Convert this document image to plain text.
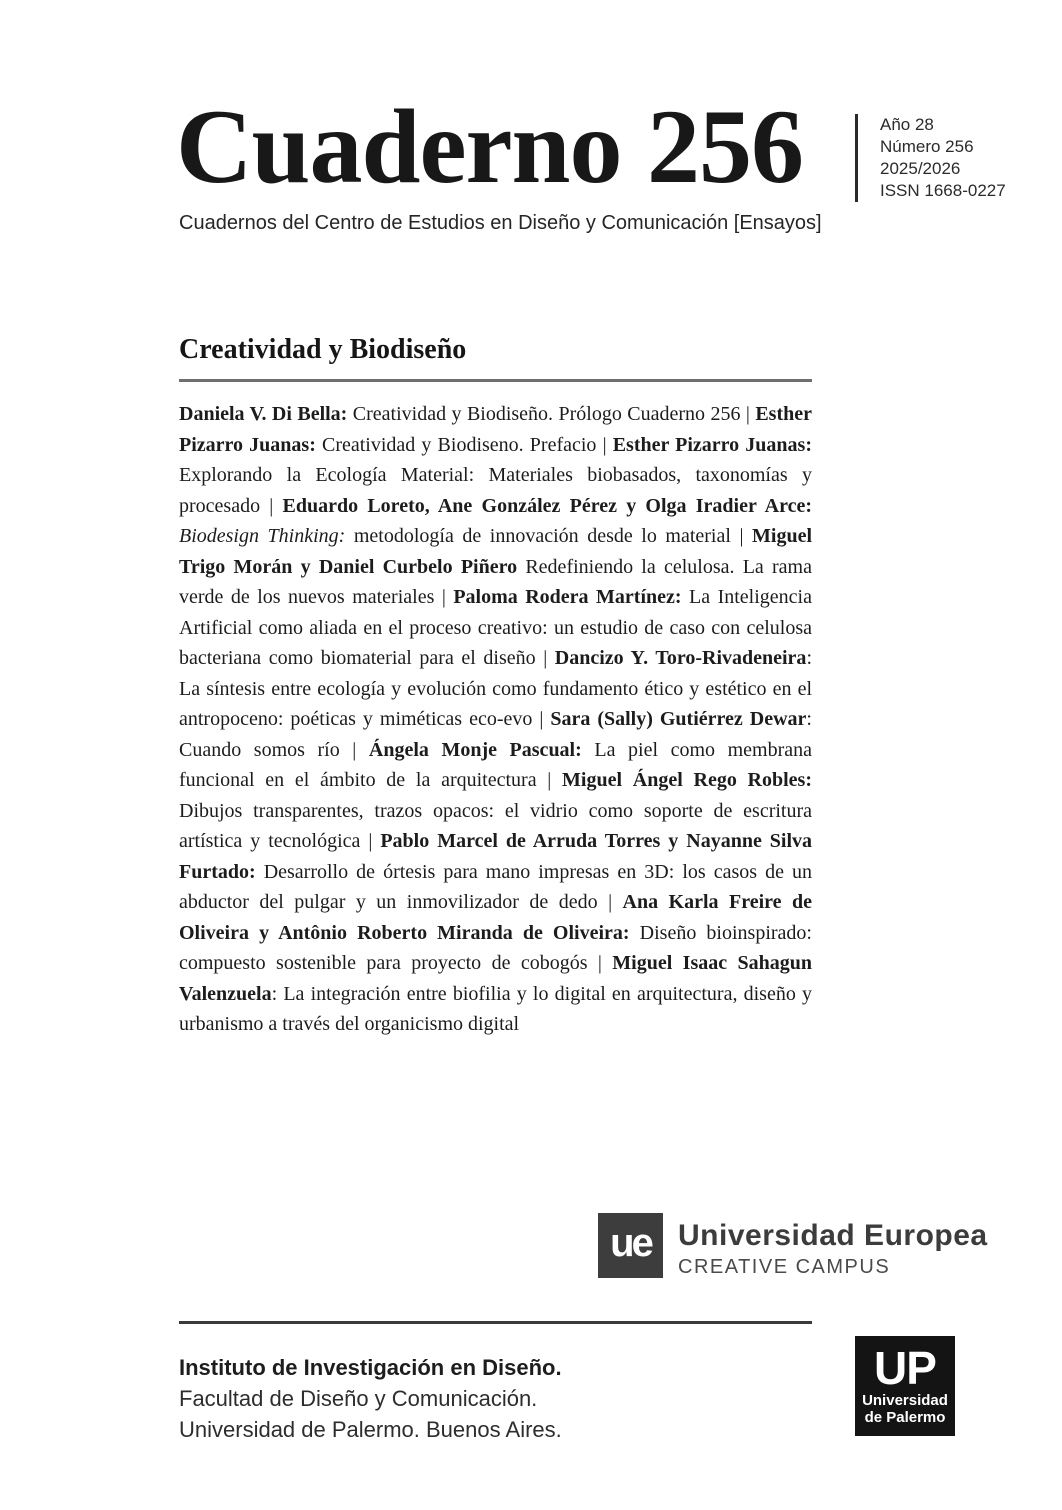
Cuaderno 256	Año 28
Número 256
2025/2026
ISSN 1668-0227
Cuadernos del Centro de Estudios en Diseño y Comunicación [Ensayos]
Creatividad y Biodiseño

Daniela V. Di Bella: Creatividad y Biodiseño. Prólogo Cuaderno 256 | Esther Pizarro Juanas: Creatividad y Biodiseno. Prefacio | Esther Pizarro Juanas: Explorando la Ecología Material: Materiales biobasados, taxonomías y procesado | Eduardo Loreto, Ane González Pérez y Olga Iradier Arce: Biodesign Thinking: metodología de innovación desde lo material | Miguel Trigo Morán y Daniel Curbelo Piñero Redefiniendo la celulosa. La rama verde de los nuevos materiales | Paloma Rodera Martínez: La Inteligencia Artificial como aliada en el proceso creativo: un estudio de caso con celulosa bacteriana como biomaterial para el diseño | Dancizo Y. Toro-Rivadeneira: La síntesis entre ecología y evolución como fundamento ético y estético en el antropoceno: poéticas y miméticas eco-evo | Sara (Sally) Gutiérrez Dewar: Cuando somos río | Ángela Monje Pascual: La piel como membrana funcional en el ámbito de la arquitectura | Miguel Ángel Rego Robles: Dibujos transparentes, trazos opacos: el vidrio como soporte de escritura artística y tecnológica | Pablo Marcel de Arruda Torres y Nayanne Silva Furtado: Desarrollo de órtesis para mano impresas en 3D: los casos de un abductor del pulgar y un inmovilizador de dedo | Ana Karla Freire de Oliveira y Antônio Roberto Miranda de Oliveira: Diseño bioinspirado: compuesto sostenible para proyecto de cobogós | Miguel Isaac Sahagun Valenzuela: La integración entre biofilia y lo digital en arquitectura, diseño y urbanismo a través del organicismo digital

ue Universidad Europea
CREATIVE CAMPUS
Instituto de Investigación en Diseño.
Facultad de Diseño y Comunicación.
Universidad de Palermo. Buenos Aires.
UP
Universidad
de Palermo
